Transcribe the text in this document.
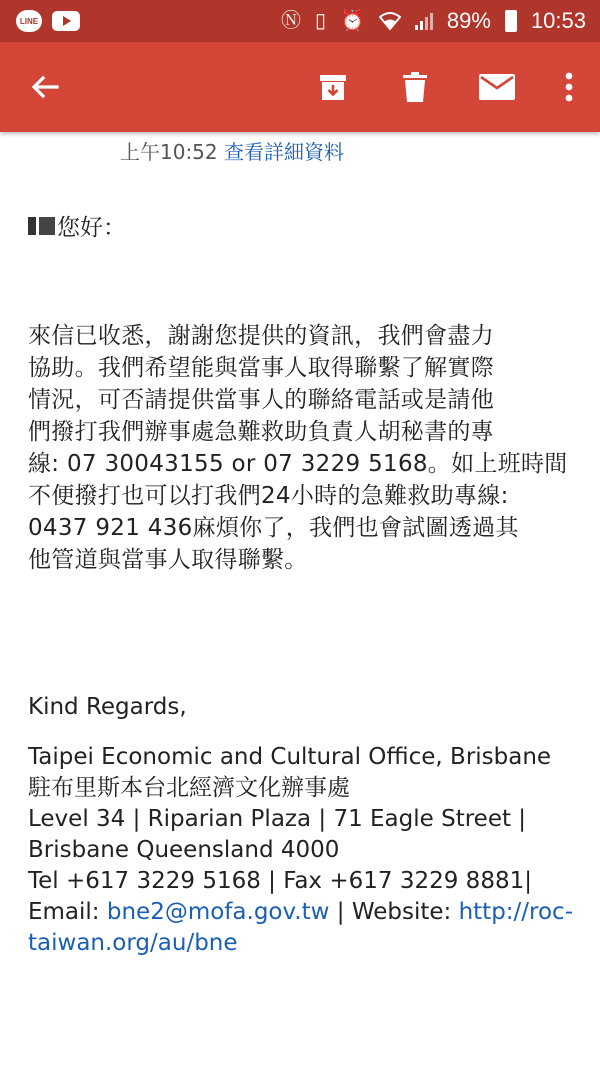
LINE	Ⓝ ▯ ⏰	89% 10:53
上午10:52 查看詳細資料
您好：
來信已收悉，謝謝您提供的資訊，我們會盡力
協助。我們希望能與當事人取得聯繫了解實際
情況，可否請提供當事人的聯絡電話或是請他
們撥打我們辦事處急難救助負責人胡秘書的專
線: 07 30043155 or 07 3229 5168。如上班時間
不便撥打也可以打我們24小時的急難救助專線:
0437 921 436麻煩你了，我們也會試圖透過其
他管道與當事人取得聯繫。
Kind Regards,
Taipei Economic and Cultural Office, Brisbane
駐布里斯本台北經濟文化辦事處
Level 34 | Riparian Plaza | 71 Eagle Street |
Brisbane Queensland 4000
Tel +617 3229 5168 | Fax +617 3229 8881|
Email: bne2@mofa.gov.tw | Website: http://roc-
taiwan.org/au/bne
